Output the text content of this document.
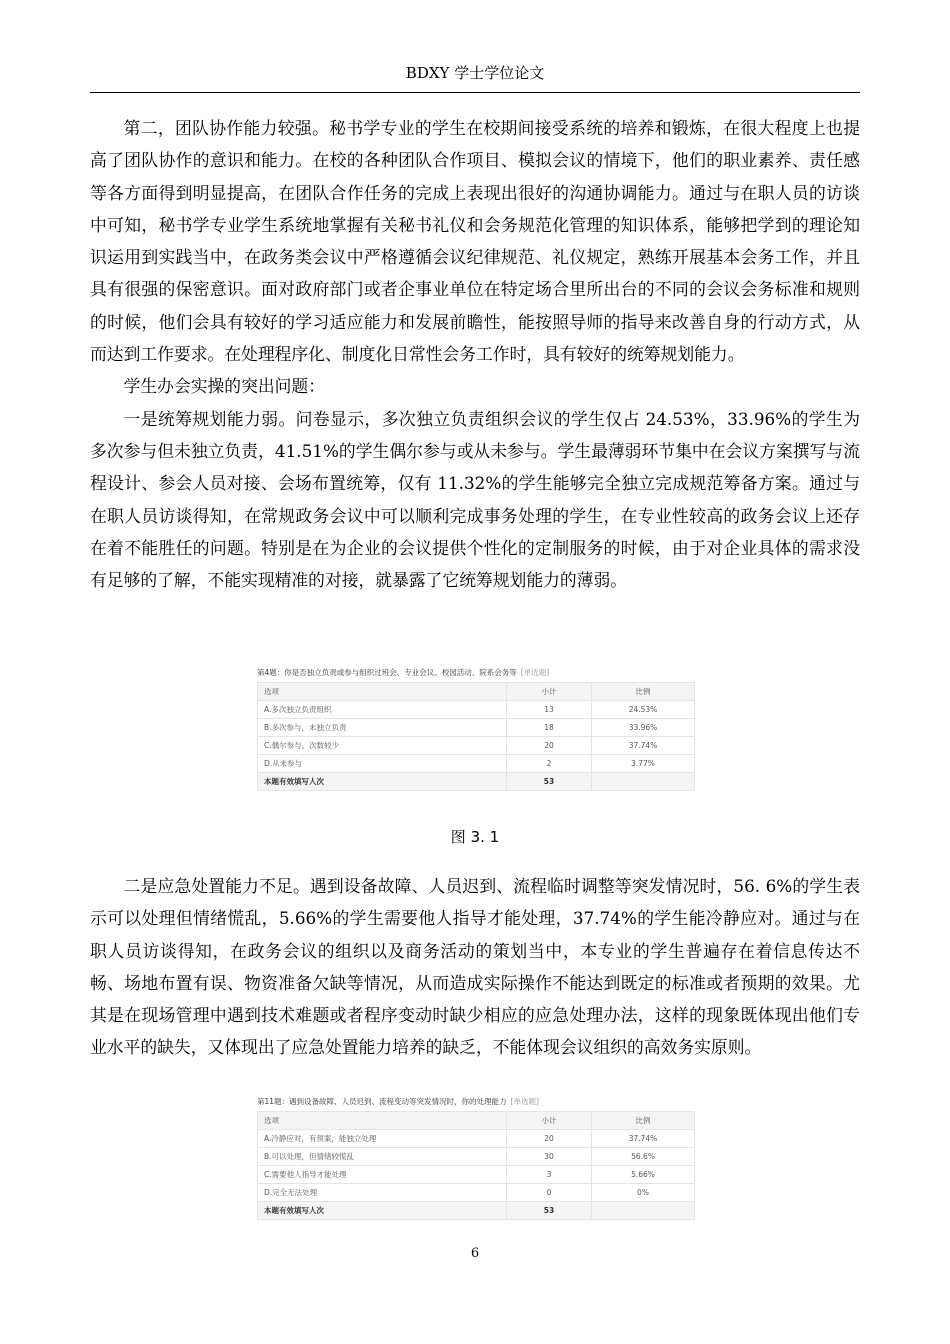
BDXY 学士学位论文

第二，团队协作能力较强。秘书学专业的学生在校期间接受系统的培养和锻炼，在很大程度上也提高了团队协作的意识和能力。在校的各种团队合作项目、模拟会议的情境下，他们的职业素养、责任感等各方面得到明显提高，在团队合作任务的完成上表现出很好的沟通协调能力。通过与在职人员的访谈中可知，秘书学专业学生系统地掌握有关秘书礼仪和会务规范化管理的知识体系，能够把学到的理论知识运用到实践当中，在政务类会议中严格遵循会议纪律规范、礼仪规定，熟练开展基本会务工作，并且具有很强的保密意识。面对政府部门或者企事业单位在特定场合里所出台的不同的会议会务标准和规则的时候，他们会具有较好的学习适应能力和发展前瞻性，能按照导师的指导来改善自身的行动方式，从而达到工作要求。在处理程序化、制度化日常性会务工作时，具有较好的统筹规划能力。

学生办会实操的突出问题：

一是统筹规划能力弱。问卷显示，多次独立负责组织会议的学生仅占 24.53%，33.96%的学生为多次参与但未独立负责，41.51%的学生偶尔参与或从未参与。学生最薄弱环节集中在会议方案撰写与流程设计、参会人员对接、会场布置统筹，仅有 11.32%的学生能够完全独立完成规范筹备方案。通过与在职人员访谈得知，在常规政务会议中可以顺利完成事务处理的学生，在专业性较高的政务会议上还存在着不能胜任的问题。特别是在为企业的会议提供个性化的定制服务的时候，由于对企业具体的需求没有足够的了解，不能实现精准的对接，就暴露了它统筹规划能力的薄弱。

第4题：你是否独立负责或参与组织过班会、专业会议、校园活动、院系会务等 [单选题]
选项	小计	比例
A.多次独立负责组织	13	24.53%
B.多次参与，未独立负责	18	33.96%
C.偶尔参与，次数较少	20	37.74%
D.从未参与	2	3.77%
本题有效填写人次	53	
图 3. 1

二是应急处置能力不足。遇到设备故障、人员迟到、流程临时调整等突发情况时，56. 6%的学生表示可以处理但情绪慌乱，5.66%的学生需要他人指导才能处理，37.74%的学生能冷静应对。通过与在职人员访谈得知，在政务会议的组织以及商务活动的策划当中，本专业的学生普遍存在着信息传达不畅、场地布置有误、物资准备欠缺等情况，从而造成实际操作不能达到既定的标准或者预期的效果。尤其是在现场管理中遇到技术难题或者程序变动时缺少相应的应急处理办法，这样的现象既体现出他们专业水平的缺失，又体现出了应急处置能力培养的缺乏，不能体现会议组织的高效务实原则。

第11题：遇到设备故障、人员迟到、流程变动等突发情况时，你的处理能力 [单选题]
选项	小计	比例
A.冷静应对，有预案，能独立处理	20	37.74%
B.可以处理，但情绪较慌乱	30	56.6%
C.需要他人指导才能处理	3	5.66%
D.完全无法处理	0	0%
本题有效填写人次	53	
6
